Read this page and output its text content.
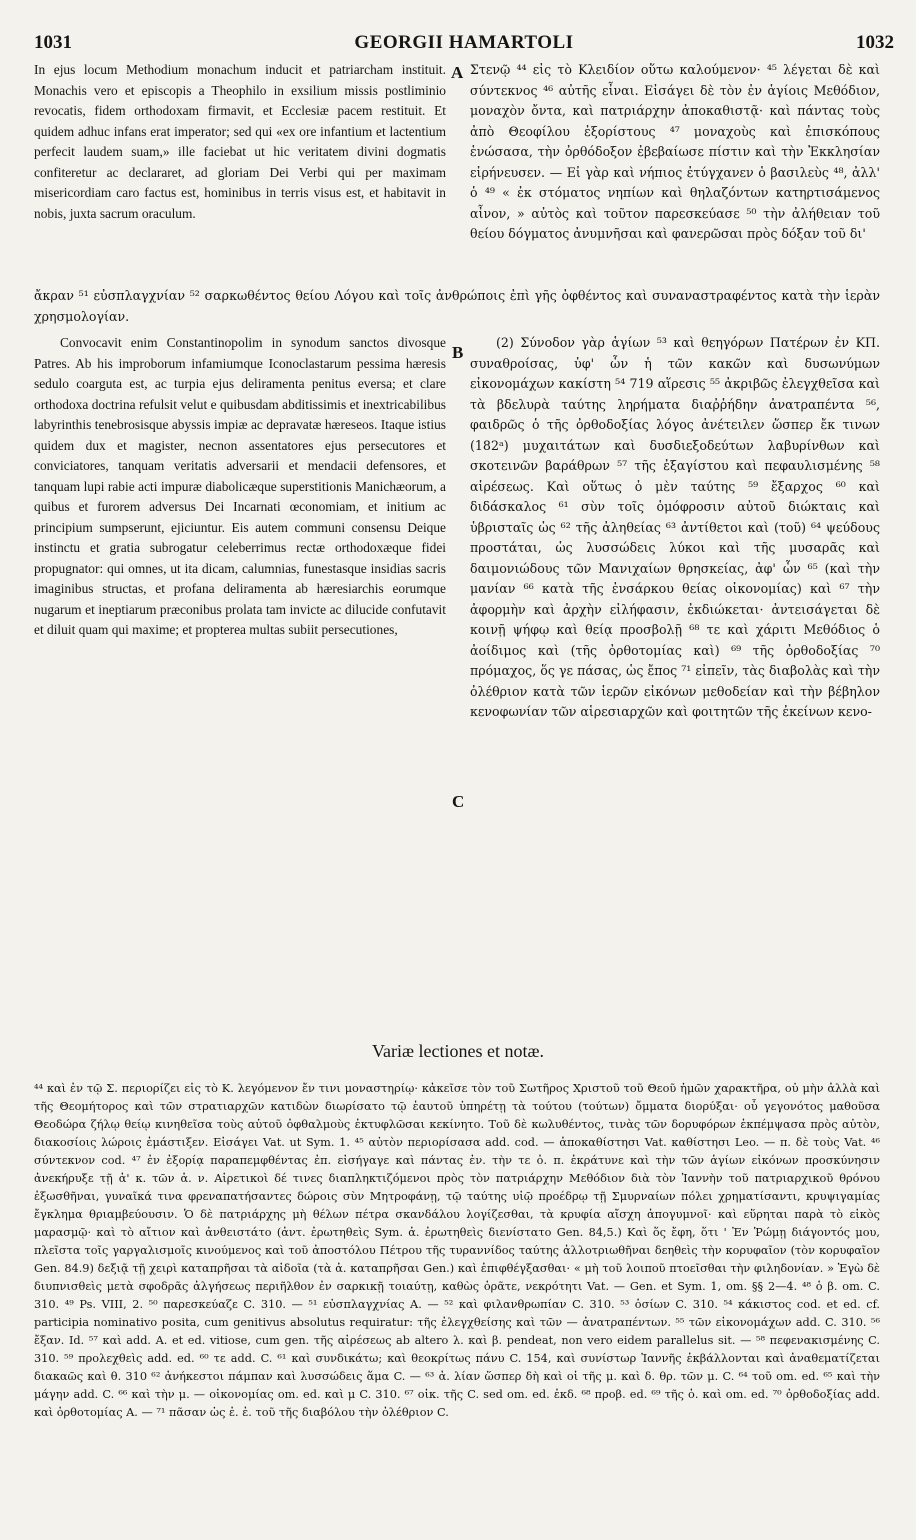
1031	GEORGII HAMARTOLI	1032

In ejus locum Methodium monachum inducit et patriarcham instituit. Monachis vero et episcopis a Theophilo in exsilium missis postliminio revocatis, fidem orthodoxam firmavit, et Ecclesiæ pacem restituit. Et quidem adhuc infans erat imperator; sed qui «ex ore infantium et lactentium perfecit laudem suam,» ille faciebat ut hic veritatem divini dogmatis confiteretur ac declararet, ad gloriam Dei Verbi qui per maximam misericordiam caro factus est, hominibus in terris visus est, et habitavit in nobis, juxta sacrum oraculum.

A Στενῷ ⁴⁴ εἰς τὸ Κλειδίον οὕτω καλούμενον· ⁴⁵ λέγεται δὲ καὶ σύντεκνος ⁴⁶ αὐτῆς εἶναι. Εἰσάγει δὲ τὸν ἐν ἁγίοις Μεθόδιον, μοναχὸν ὄντα, καὶ πατριάρχην ἀποκαθιστᾷ· καὶ πάντας τοὺς ἀπὸ Θεοφίλου ἐξορίστους ⁴⁷ μοναχοὺς καὶ ἐπισκόπους ἑνώσασα, τὴν ὀρθόδοξον ἐβεβαίωσε πίστιν καὶ τὴν Ἐκκλησίαν εἰρήνευσεν. — Εἰ γὰρ καὶ νήπιος ἐτύγχανεν ὁ βασιλεὺς ⁴⁸, ἀλλ' ὁ ⁴⁹ « ἐκ στόματος νηπίων καὶ θηλαζόντων κατηρτισάμενος αἶνον, » αὐτὸς καὶ τοῦτον παρεσκεύασε ⁵⁰ τὴν ἀλήθειαν τοῦ θείου δόγματος ἀνυμνῆσαι καὶ φανερῶσαι πρὸς δόξαν τοῦ δι'

ἄκραν ⁵¹ εὐσπλαγχνίαν ⁵² σαρκωθέντος θείου Λόγου καὶ τοῖς ἀνθρώποις ἐπὶ γῆς ὀφθέντος καὶ συναναστραφέντος κατὰ τὴν ἱερὰν χρησμολογίαν.

Convocavit enim Constantinopolim in synodum sanctos divosque Patres. Ab his improborum infamiumque Iconoclastarum pessima hæresis sedulo coarguta est, ac turpia ejus deliramenta penitus eversa; et clare orthodoxa doctrina refulsit velut e quibusdam abditissimis et inextricabilibus labyrinthis tenebrosisque abyssis impiæ ac depravatæ hæreseos. Itaque istius quidem dux et magister, necnon assentatores ejus persecutores et conviciatores, tanquam veritatis adversarii et mendacii defensores, et tanquam lupi rabie acti impuræ diabolicæque superstitionis Manichæorum, a quibus et furorem adversus Dei Incarnati œconomiam, et initium ac principium sumpserunt, ejiciuntur. Eis autem communi consensu Deique instinctu et gratia subrogatur celeberrimus rectæ orthodoxæque fidei propugnator: qui omnes, ut ita dicam, calumnias, funestasque insidias sacris imaginibus structas, et profana deliramenta ab hæresiarchis eorumque nugarum et ineptiarum præconibus prolata tam invicte ac dilucide confutavit et diluit quam qui maxime; et propterea multas subiit persecutiones,

B
C

(2) Σύνοδον γὰρ ἁγίων ⁵³ καὶ θεηγόρων Πατέρων ἐν ΚΠ. συναθροίσας, ὑφ' ὧν ἡ τῶν κακῶν καὶ δυσωνύμων εἰκονομάχων κακίστη ⁵⁴ 719 αἵρεσις ⁵⁵ ἀκριβῶς ἐλεγχθεῖσα καὶ τὰ βδελυρὰ ταύτης ληρήματα διαῤῥήδην ἀνατραπέντα ⁵⁶, φαιδρῶς ὁ τῆς ὀρθοδοξίας λόγος ἀνέτειλεν ὥσπερ ἔκ τινων (182ᵃ) μυχαιτάτων καὶ δυσδιεξοδεύτων λαβυρίνθων καὶ σκοτεινῶν βαράθρων ⁵⁷ τῆς ἐξαγίστου καὶ πεφαυλισμένης ⁵⁸ αἱρέσεως. Καὶ οὕτως ὁ μὲν ταύτης ⁵⁹ ἔξαρχος ⁶⁰ καὶ διδάσκαλος ⁶¹ σὺν τοῖς ὁμόφροσιν αὐτοῦ διώκταις καὶ ὑβρισταῖς ὡς ⁶² τῆς ἀληθείας ⁶³ ἀντίθετοι καὶ (τοῦ) ⁶⁴ ψεύδους προστάται, ὡς λυσσώδεις λύκοι καὶ τῆς μυσαρᾶς καὶ δαιμονιώδους τῶν Μανιχαίων θρησκείας, ἀφ' ὧν ⁶⁵ (καὶ τὴν μανίαν ⁶⁶ κατὰ τῆς ἐνσάρκου θείας οἰκονομίας) καὶ ⁶⁷ τὴν ἀφορμὴν καὶ ἀρχὴν εἰλήφασιν, ἐκδιώκεται· ἀντεισάγεται δὲ κοινῇ ψήφῳ καὶ θείᾳ προσβολῇ ⁶⁸ τε καὶ χάριτι Μεθόδιος ὁ ἀοίδιμος καὶ (τῆς ὀρθοτομίας καὶ) ⁶⁹ τῆς ὀρθοδοξίας ⁷⁰ πρόμαχος, ὅς γε πάσας, ὡς ἔπος ⁷¹ εἰπεῖν, τὰς διαβολὰς καὶ τὴν ὀλέθριον κατὰ τῶν ἱερῶν εἰκόνων μεθοδείαν καὶ τὴν βέβηλον κενοφωνίαν τῶν αἱρεσιαρχῶν καὶ φοιτητῶν τῆς ἐκείνων κενο-

Variæ lectiones et notæ.

⁴⁴ καὶ ἐν τῷ Σ. περιορίζει εἰς τὸ Κ. λεγόμενον ἔν τινι μοναστηρίῳ· κἀκεῖσε τὸν τοῦ Σωτῆρος Χριστοῦ τοῦ Θεοῦ ἡμῶν χαρακτῆρα, οὐ μὴν ἀλλὰ καὶ τῆς Θεομήτορος καὶ τῶν στρατιαρχῶν κατιδὼν διωρίσατο τῷ ἑαυτοῦ ὑπηρέτῃ τὰ τούτου (τούτων) ὄμματα διορύξαι· οὗ γεγονότος μαθοῦσα Θεοδώρα ζήλῳ θείῳ κινηθεῖσα τοὺς αὐτοῦ ὀφθαλμοὺς ἐκτυφλῶσαι κεκίνητο. Τοῦ δὲ κωλυθέντος, τινὰς τῶν δορυφόρων ἐκπέμψασα πρὸς αὐτὸν, διακοσίοις λώροις ἐμάστιξεν. Εἰσάγει Vat. ut Sym. 1. ⁴⁵ αὐτὸν περιορίσασα add. cod. — ἀποκαθίστησι Vat. καθίστησι Leo. — π. δὲ τοὺς Vat. ⁴⁶ σύντεκνον cod. ⁴⁷ ἐν ἐξορίᾳ παραπεμφθέντας ἐπ. εἰσήγαγε καὶ πάντας ἐν. τὴν τε ὀ. π. ἐκράτυνε καὶ τὴν τῶν ἁγίων εἰκόνων προσκύνησιν ἀνεκήρυξε τῇ ἀ' κ. τῶν ἀ. ν. Αἱρετικοὶ δέ τινες διαπληκτιζόμενοι πρὸς τὸν πατριάρχην Μεθόδιον διὰ τὸν Ἰαννὴν τοῦ πατριαρχικοῦ θρόνου ἐξωσθῆναι, γυναῖκά τινα φρεναπατήσαντες δώροις σὺν Μητροφάνῃ, τῷ ταύτης υἱῷ προέδρῳ τῇ Σμυρναίων πόλει χρηματίσαντι, κρυψιγαμίας ἔγκλημα θριαμβεύουσιν. Ὁ δὲ πατριάρχης μὴ θέλων πέτρα σκανδάλου λογίζεσθαι, τὰ κρυφία αἴσχη ἀπογυμνοῖ· καὶ εὕρηται παρὰ τὸ εἰκὸς μαρασμῷ· καὶ τὸ αἴτιον καὶ ἀνθειστάτο (ἀντ. ἐρωτηθεὶς Sym. ἀ. ἐρωτηθεὶς διενίστατο Gen. 84,5.) Καὶ ὅς ἔφη, ὅτι ' Ἐν Ῥώμῃ διάγοντός μου, πλεῖστα τοῖς γαργαλισμοῖς κινούμενος καὶ τοῦ ἀποστόλου Πέτρου τῆς τυραννίδος ταύτης ἀλλοτριωθῆναι δεηθεὶς τὴν κορυφαῖον (τὸν κορυφαῖον Gen. 84.9) δεξιᾷ τῇ χειρὶ καταπρῆσαι τὰ αἰδοῖα (τὰ ἀ. καταπρῆσαι Gen.) καὶ ἐπιφθέγξασθαι· « μὴ τοῦ λοιποῦ πτοεῖσθαι τὴν φιληδονίαν. » Ἐγὼ δὲ διυπνισθεὶς μετὰ σφοδρᾶς ἀλγήσεως περιῆλθον ἐν σαρκικῇ τοιαύτῃ, καθὼς ὁρᾶτε, νεκρότητι Vat. — Gen. et Sym. 1, om. §§ 2—4. ⁴⁸ ὁ β. om. C. 310. ⁴⁹ Ps. VIII, 2. ⁵⁰ παρεσκεύαζε C. 310. — ⁵¹ εὐσπλαγχνίας A. — ⁵² καὶ φιλανθρωπίαν C. 310. ⁵³ ὁσίων C. 310. ⁵⁴ κάκιστος cod. et ed. cf. participia nominativo posita, cum genitivus absolutus requiratur: τῆς ἐλεγχθείσης καὶ τῶν — ἀνατραπέντων. ⁵⁵ τῶν εἰκονομάχων add. C. 310. ⁵⁶ ἔξαν. Id. ⁵⁷ καὶ add. A. et ed. vitiose, cum gen. τῆς αἱρέσεως ab altero λ. καὶ β. pendeat, non vero eidem parallelus sit. — ⁵⁸ πεφενακισμένης C. 310. ⁵⁹ προλεχθεὶς add. ed. ⁶⁰ τε add. C. ⁶¹ καὶ συνδικάτω; καὶ θεοκρίτως πάνυ C. 154, καὶ συνίστωρ Ἰαννῆς ἐκβάλλονται καὶ ἀναθεματίζεται διακαῶς καὶ θ. 310 ⁶² ἀνήκεστοι πάμπαν καὶ λυσσώδεις ἅμα C. — ⁶³ ἀ. λίαν ὥσπερ δὴ καὶ οἱ τῆς μ. καὶ δ. θρ. τῶν μ. C. ⁶⁴ τοῦ om. ed. ⁶⁵ καὶ τὴν μάγην add. C. ⁶⁶ καὶ τὴν μ. — οἰκονομίας om. ed. καὶ μ C. 310. ⁶⁷ οἰκ. τῆς C. sed om. ed. ἐκδ. ⁶⁸ προβ. ed. ⁶⁹ τῆς ὁ. καὶ om. ed. ⁷⁰ ὀρθοδοξίας add. καὶ ὀρθοτομίας A. — ⁷¹ πᾶσαν ὡς ἐ. ἐ. τοῦ τῆς διαβόλου τὴν ὀλέθριον C.
